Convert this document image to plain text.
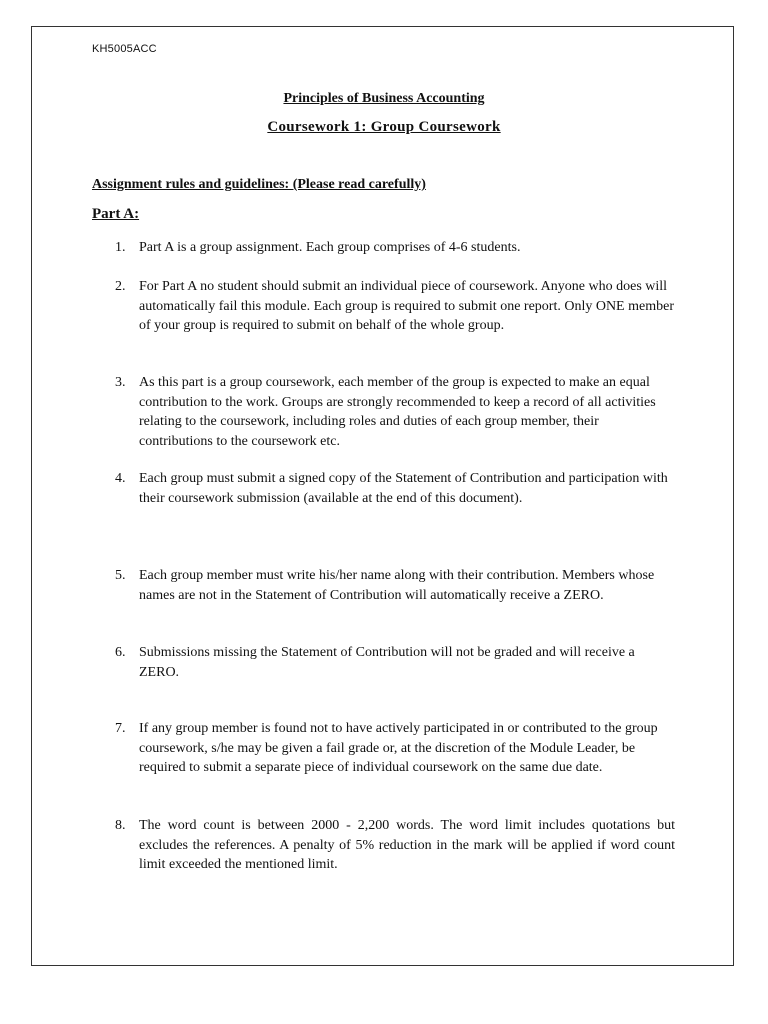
KH5005ACC
Principles of Business Accounting
Coursework 1: Group Coursework
Assignment rules and guidelines: (Please read carefully)
Part A:
1. Part A is a group assignment. Each group comprises of 4-6 students.
2. For Part A no student should submit an individual piece of coursework. Anyone who does will automatically fail this module. Each group is required to submit one report. Only ONE member of your group is required to submit on behalf of the whole group.
3. As this part is a group coursework, each member of the group is expected to make an equal contribution to the work. Groups are strongly recommended to keep a record of all activities relating to the coursework, including roles and duties of each group member, their contributions to the coursework etc.
4. Each group must submit a signed copy of the Statement of Contribution and participation with their coursework submission (available at the end of this document).
5. Each group member must write his/her name along with their contribution. Members whose names are not in the Statement of Contribution will automatically receive a ZERO.
6. Submissions missing the Statement of Contribution will not be graded and will receive a ZERO.
7. If any group member is found not to have actively participated in or contributed to the group coursework, s/he may be given a fail grade or, at the discretion of the Module Leader, be required to submit a separate piece of individual coursework on the same due date.
8. The word count is between 2000 - 2,200 words. The word limit includes quotations but excludes the references. A penalty of 5% reduction in the mark will be applied if word count limit exceeded the mentioned limit.
